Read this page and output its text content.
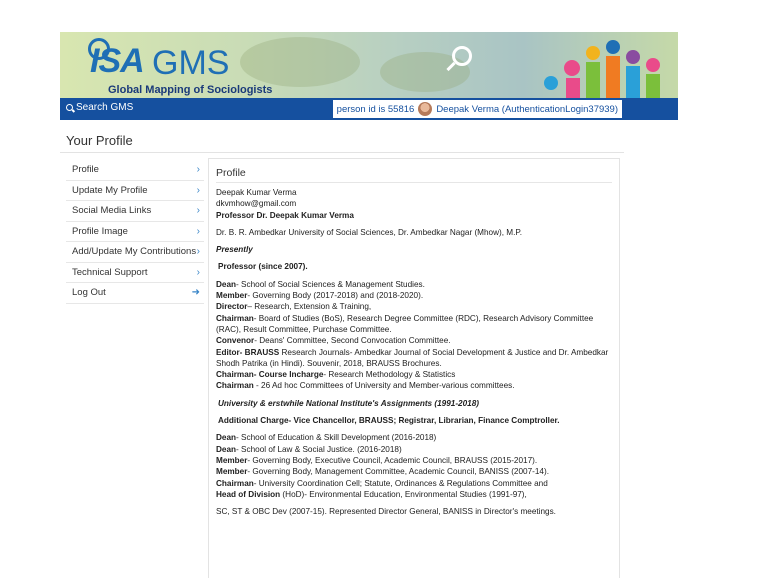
ISA GMS
Global Mapping of Sociologists
Search GMS	person id is 55816 Deepak Verma (AuthenticationLogin37939)
Your Profile
Profile	›
Update My Profile	›
Social Media Links	›
Profile Image	›
Add/Update My Contributions ›
Technical Support	›
Log Out	➜
Profile
Deepak Kumar Verma
dkvmhow@gmail.com
Professor Dr. Deepak Kumar Verma
Dr. B. R. Ambedkar University of Social Sciences, Dr. Ambedkar Nagar (Mhow), M.P.
Presently
Professor (since 2007).
Dean- School of Social Sciences & Management Studies.
Member- Governing Body (2017-2018) and (2018-2020).
Director– Research, Extension & Training,
Chairman- Board of Studies (BoS), Research Degree Committee (RDC), Research Advisory Committee (RAC), Result Committee, Purchase Committee.
Convenor- Deans' Committee, Second Convocation Committee.
Editor- BRAUSS Research Journals- Ambedkar Journal of Social Development & Justice and Dr. Ambedkar Shodh Patrika (in Hindi). Souvenir, 2018, BRAUSS Brochures.
Chairman- Course Incharge- Research Methodology & Statistics
Chairman - 26 Ad hoc Committees of University and Member-various committees.
University & erstwhile National Institute's Assignments (1991-2018)
Additional Charge- Vice Chancellor, BRAUSS; Registrar, Librarian, Finance Comptroller.
Dean- School of Education & Skill Development (2016-2018)
Dean- School of Law & Social Justice. (2016-2018)
Member- Governing Body, Executive Council, Academic Council, BRAUSS (2015-2017).
Member- Governing Body, Management Committee, Academic Council, BANISS (2007-14).
Chairman- University Coordination Cell; Statute, Ordinances & Regulations Committee and
Head of Division (HoD)- Environmental Education, Environmental Studies (1991-97),
SC, ST & OBC Dev (2007-15). Represented Director General, BANISS in Director's meetings.
